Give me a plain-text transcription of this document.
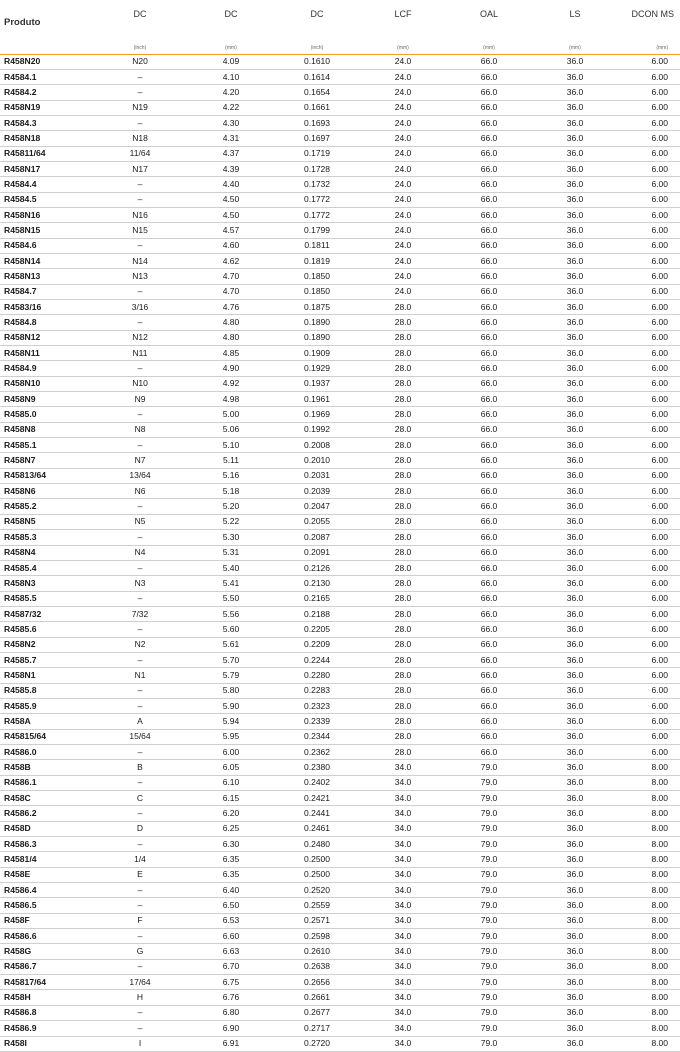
Produto	DC	DC	DC	LCF	OAL	LS	DCON MS
	(inch)	(mm)	(inch)	(mm)	(mm)	(mm)	(mm)
R458N20	N20	4.09	0.1610	24.0	66.0	36.0	6.00
R4584.1	–	4.10	0.1614	24.0	66.0	36.0	6.00
R4584.2	–	4.20	0.1654	24.0	66.0	36.0	6.00
R458N19	N19	4.22	0.1661	24.0	66.0	36.0	6.00
R4584.3	–	4.30	0.1693	24.0	66.0	36.0	6.00
R458N18	N18	4.31	0.1697	24.0	66.0	36.0	6.00
R45811/64	11/64	4.37	0.1719	24.0	66.0	36.0	6.00
R458N17	N17	4.39	0.1728	24.0	66.0	36.0	6.00
R4584.4	–	4.40	0.1732	24.0	66.0	36.0	6.00
R4584.5	–	4.50	0.1772	24.0	66.0	36.0	6.00
R458N16	N16	4.50	0.1772	24.0	66.0	36.0	6.00
R458N15	N15	4.57	0.1799	24.0	66.0	36.0	6.00
R4584.6	–	4.60	0.1811	24.0	66.0	36.0	6.00
R458N14	N14	4.62	0.1819	24.0	66.0	36.0	6.00
R458N13	N13	4.70	0.1850	24.0	66.0	36.0	6.00
R4584.7	–	4.70	0.1850	24.0	66.0	36.0	6.00
R4583/16	3/16	4.76	0.1875	28.0	66.0	36.0	6.00
R4584.8	–	4.80	0.1890	28.0	66.0	36.0	6.00
R458N12	N12	4.80	0.1890	28.0	66.0	36.0	6.00
R458N11	N11	4.85	0.1909	28.0	66.0	36.0	6.00
R4584.9	–	4.90	0.1929	28.0	66.0	36.0	6.00
R458N10	N10	4.92	0.1937	28.0	66.0	36.0	6.00
R458N9	N9	4.98	0.1961	28.0	66.0	36.0	6.00
R4585.0	–	5.00	0.1969	28.0	66.0	36.0	6.00
R458N8	N8	5.06	0.1992	28.0	66.0	36.0	6.00
R4585.1	–	5.10	0.2008	28.0	66.0	36.0	6.00
R458N7	N7	5.11	0.2010	28.0	66.0	36.0	6.00
R45813/64	13/64	5.16	0.2031	28.0	66.0	36.0	6.00
R458N6	N6	5.18	0.2039	28.0	66.0	36.0	6.00
R4585.2	–	5.20	0.2047	28.0	66.0	36.0	6.00
R458N5	N5	5.22	0.2055	28.0	66.0	36.0	6.00
R4585.3	–	5.30	0.2087	28.0	66.0	36.0	6.00
R458N4	N4	5.31	0.2091	28.0	66.0	36.0	6.00
R4585.4	–	5.40	0.2126	28.0	66.0	36.0	6.00
R458N3	N3	5.41	0.2130	28.0	66.0	36.0	6.00
R4585.5	–	5.50	0.2165	28.0	66.0	36.0	6.00
R4587/32	7/32	5.56	0.2188	28.0	66.0	36.0	6.00
R4585.6	–	5.60	0.2205	28.0	66.0	36.0	6.00
R458N2	N2	5.61	0.2209	28.0	66.0	36.0	6.00
R4585.7	–	5.70	0.2244	28.0	66.0	36.0	6.00
R458N1	N1	5.79	0.2280	28.0	66.0	36.0	6.00
R4585.8	–	5.80	0.2283	28.0	66.0	36.0	6.00
R4585.9	–	5.90	0.2323	28.0	66.0	36.0	6.00
R458A	A	5.94	0.2339	28.0	66.0	36.0	6.00
R45815/64	15/64	5.95	0.2344	28.0	66.0	36.0	6.00
R4586.0	–	6.00	0.2362	28.0	66.0	36.0	6.00
R458B	B	6.05	0.2380	34.0	79.0	36.0	8.00
R4586.1	–	6.10	0.2402	34.0	79.0	36.0	8.00
R458C	C	6.15	0.2421	34.0	79.0	36.0	8.00
R4586.2	–	6.20	0.2441	34.0	79.0	36.0	8.00
R458D	D	6.25	0.2461	34.0	79.0	36.0	8.00
R4586.3	–	6.30	0.2480	34.0	79.0	36.0	8.00
R4581/4	1/4	6.35	0.2500	34.0	79.0	36.0	8.00
R458E	E	6.35	0.2500	34.0	79.0	36.0	8.00
R4586.4	–	6.40	0.2520	34.0	79.0	36.0	8.00
R4586.5	–	6.50	0.2559	34.0	79.0	36.0	8.00
R458F	F	6.53	0.2571	34.0	79.0	36.0	8.00
R4586.6	–	6.60	0.2598	34.0	79.0	36.0	8.00
R458G	G	6.63	0.2610	34.0	79.0	36.0	8.00
R4586.7	–	6.70	0.2638	34.0	79.0	36.0	8.00
R45817/64	17/64	6.75	0.2656	34.0	79.0	36.0	8.00
R458H	H	6.76	0.2661	34.0	79.0	36.0	8.00
R4586.8	–	6.80	0.2677	34.0	79.0	36.0	8.00
R4586.9	–	6.90	0.2717	34.0	79.0	36.0	8.00
R458I	I	6.91	0.2720	34.0	79.0	36.0	8.00
